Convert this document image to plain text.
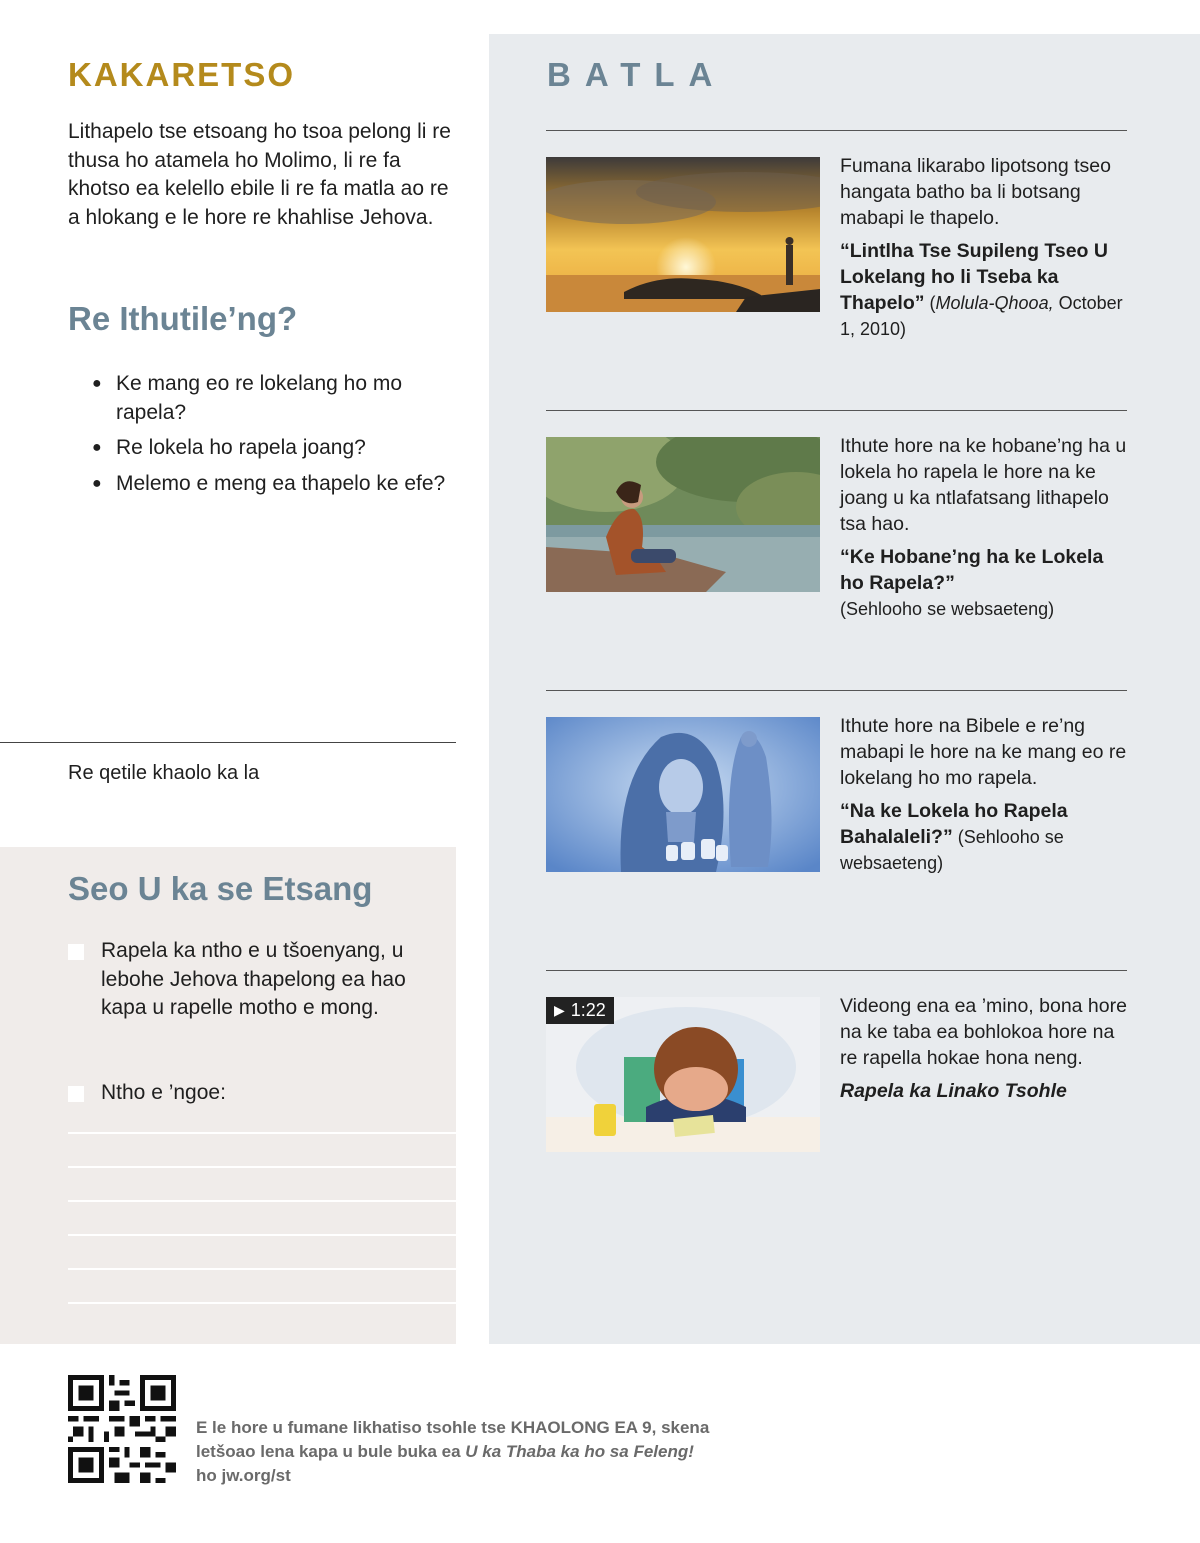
KAKARETSO

Lithapelo tse etsoang ho tsoa pelong li re thusa ho atamela ho Molimo, li re fa khotso ea kelello ebile li re fa matla ao re a hlokang e le hore re khahlise Jehova.

Re Ithutile’ng?
● Ke mang eo re lokelang ho mo rapela?
● Re lokela ho rapela joang?
● Melemo e meng ea thapelo ke efe?
Re qetile khaolo ka la
Seo U ka se Etsang
Rapela ka ntho e u tšoenyang, u lebohe Jehova thapelong ea hao kapa u rapelle motho e mong.
Ntho e ’ngoe:
BATLA
Fumana likarabo lipotsong tseo hangata batho ba li botsang mabapi le thapelo.
“Lintlha Tse Supileng Tseo U Lokelang ho li Tseba ka Thapelo” (Molula-Qhooa, October 1, 2010)
Ithute hore na ke hobane’ng ha u lokela ho rapela le hore na ke joang u ka ntlafatsang lithapelo tsa hao.
“Ke Hobane’ng ha ke Lokela ho Rapela?”
(Sehlooho se websaeteng)
Ithute hore na Bibele e re’ng mabapi le hore na ke mang eo re lokelang ho mo rapela.
“Na ke Lokela ho Rapela Bahalaleli?” (Sehlooho se websaeteng)
▶ 1:22	Videong ena ea ’mino, bona hore na ke taba ea bohlokoa hore na re rapella hokae hona neng.
Rapela ka Linako Tsohle
E le hore u fumane likhatiso tsohle tse KHAOLONG EA 9, skena letšoao lena kapa u bule buka ea U ka Thaba ka ho sa Feleng! ho jw.org/st
